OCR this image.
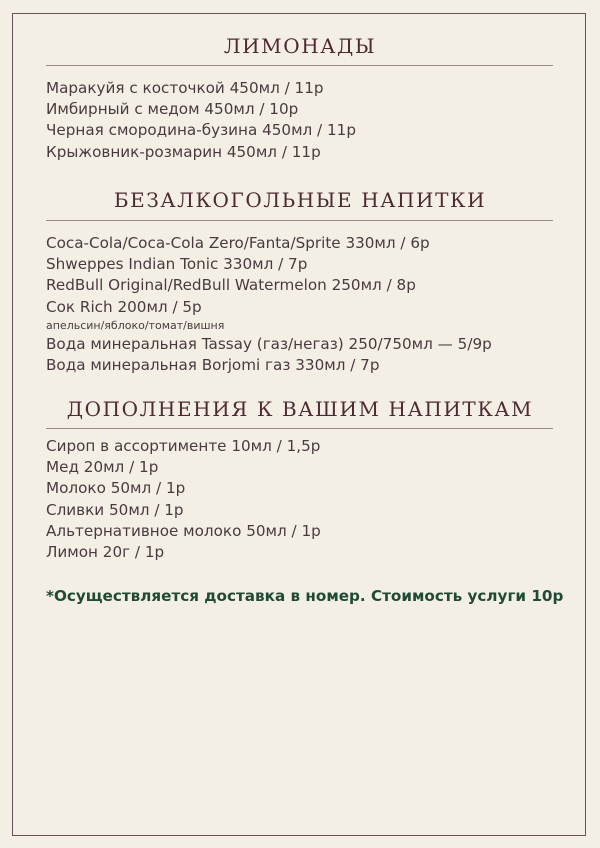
ЛИМОНАДЫ
Маракуйя с косточкой 450мл / 11р
Имбирный с медом 450мл / 10р
Черная смородина-бузина 450мл / 11р
Крыжовник-розмарин 450мл / 11р
БЕЗАЛКОГОЛЬНЫЕ НАПИТКИ
Coca-Cola/Coca-Cola Zero/Fanta/Sprite 330мл / 6р
Shweppes Indian Tonic 330мл / 7р
RedBull Original/RedBull Watermelon 250мл / 8р
Сок Rich 200мл / 5р
апельсин/яблоко/томат/вишня
Вода минеральная Tassay (газ/негаз) 250/750мл — 5/9р
Вода минеральная Borjomi газ 330мл / 7р
ДОПОЛНЕНИЯ К ВАШИМ НАПИТКАМ
Сироп в ассортименте 10мл / 1,5р
Мед 20мл / 1р
Молоко 50мл / 1р
Сливки 50мл / 1р
Альтернативное молоко 50мл / 1р
Лимон 20г / 1р

*Осуществляется доставка в номер. Стоимость услуги 10р
